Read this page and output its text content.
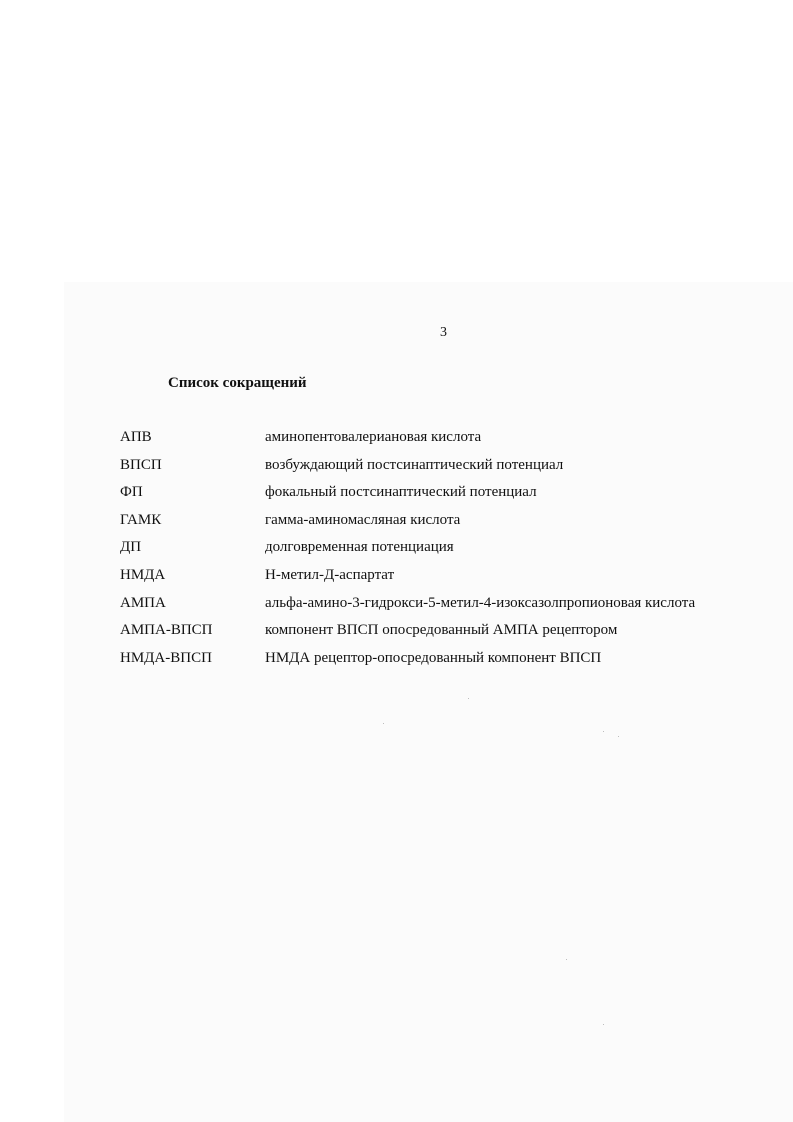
3
Список сокращений
АПВ	аминопентовалериановая кислота
ВПСП	возбуждающий постсинаптический потенциал
ФП	фокальный постсинаптический потенциал
ГАМК	гамма-аминомасляная кислота
ДП	долговременная потенциация
НМДА	Н-метил-Д-аспартат
АМПА	альфа-амино-3-гидрокси-5-метил-4-изоксазолпропионовая кислота
АМПА-ВПСП	компонент ВПСП опосредованный АМПА рецептором
НМДА-ВПСП	НМДА рецептор-опосредованный компонент ВПСП
